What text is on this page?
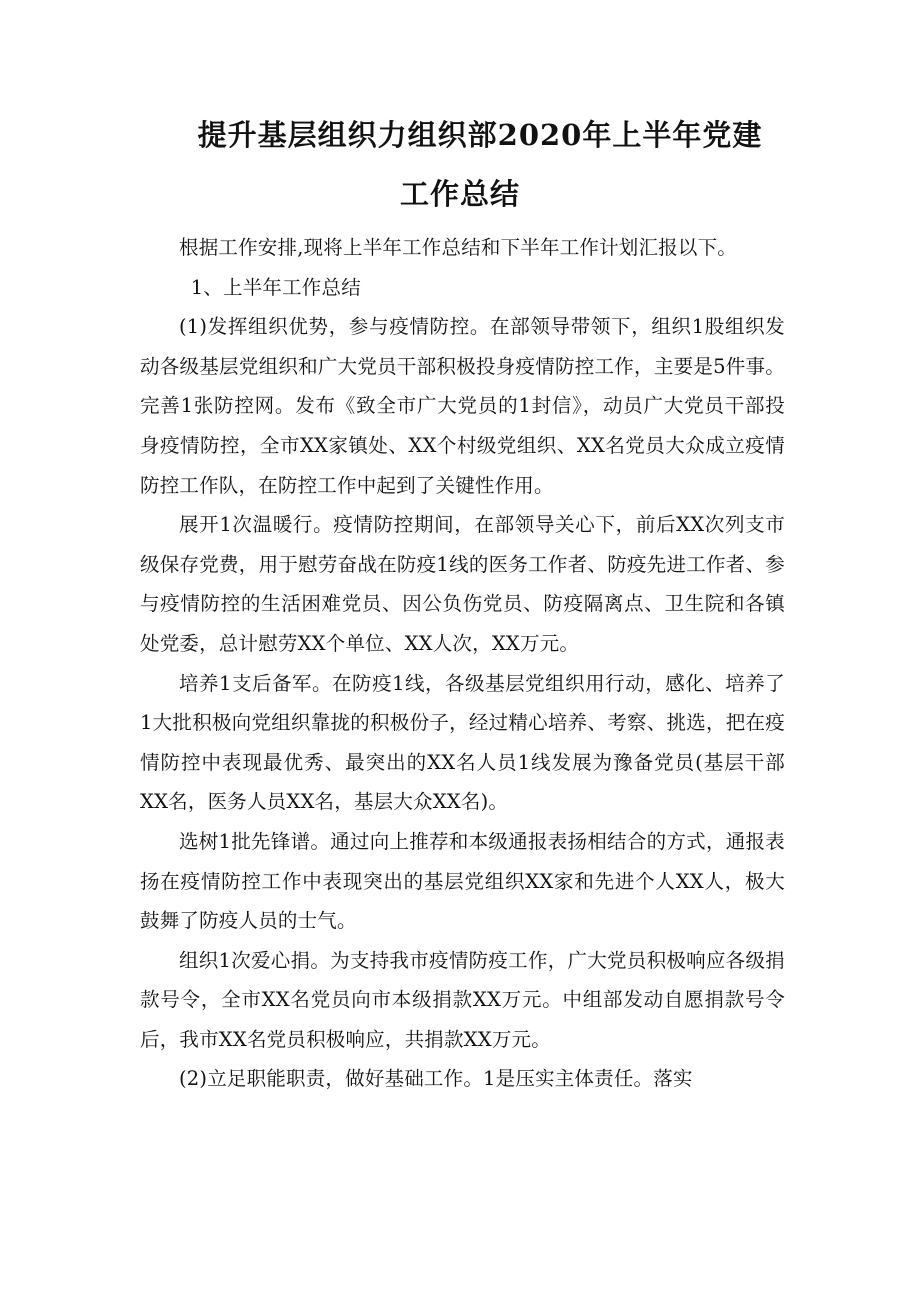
提升基层组织力组织部2020年上半年党建
工作总结

根据工作安排,现将上半年工作总结和下半年工作计划汇报以下。

1、上半年工作总结

(1)发挥组织优势，参与疫情防控。在部领导带领下，组织1股组织发动各级基层党组织和广大党员干部积极投身疫情防控工作，主要是5件事。完善1张防控网。发布《致全市广大党员的1封信》，动员广大党员干部投身疫情防控，全市XX家镇处、XX个村级党组织、XX名党员大众成立疫情防控工作队，在防控工作中起到了关键性作用。

展开1次温暖行。疫情防控期间，在部领导关心下，前后XX次列支市级保存党费，用于慰劳奋战在防疫1线的医务工作者、防疫先进工作者、参与疫情防控的生活困难党员、因公负伤党员、防疫隔离点、卫生院和各镇处党委，总计慰劳XX个单位、XX人次，XX万元。

培养1支后备军。在防疫1线，各级基层党组织用行动，感化、培养了1大批积极向党组织靠拢的积极份子，经过精心培养、考察、挑选，把在疫情防控中表现最优秀、最突出的XX名人员1线发展为豫备党员(基层干部XX名，医务人员XX名，基层大众XX名)。

选树1批先锋谱。通过向上推荐和本级通报表扬相结合的方式，通报表扬在疫情防控工作中表现突出的基层党组织XX家和先进个人XX人，极大鼓舞了防疫人员的士气。

组织1次爱心捐。为支持我市疫情防疫工作，广大党员积极响应各级捐款号令，全市XX名党员向市本级捐款XX万元。中组部发动自愿捐款号令后，我市XX名党员积极响应，共捐款XX万元。

(2)立足职能职责，做好基础工作。1是压实主体责任。落实
